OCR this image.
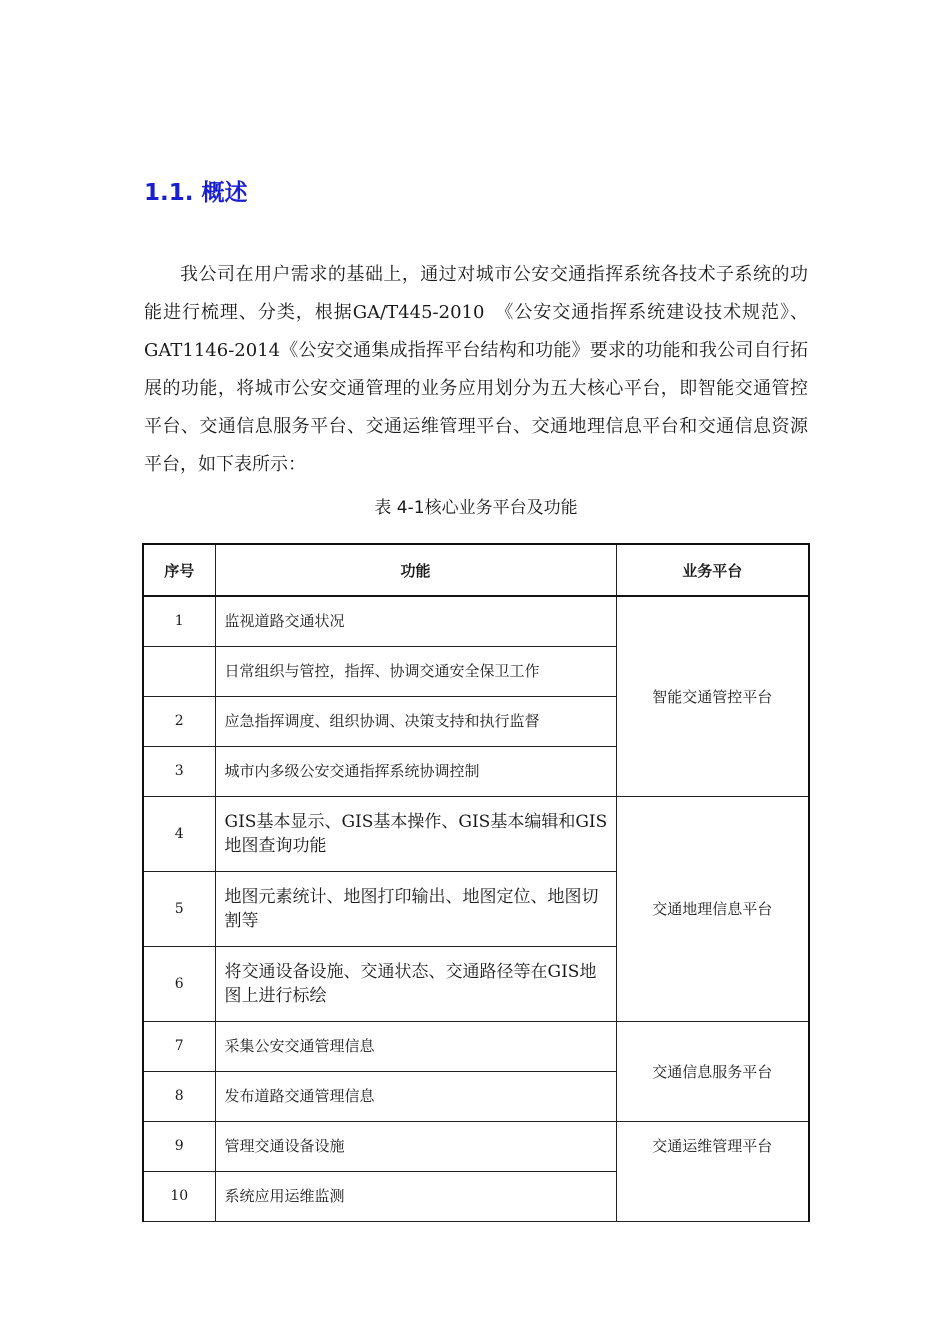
1.1. 概述

我公司在用户需求的基础上，通过对城市公安交通指挥系统各技术子系统的功能进行梳理、分类，根据GA/T445-2010　《公安交通指挥系统建设技术规范》、GAT1146-2014《公安交通集成指挥平台结构和功能》要求的功能和我公司自行拓展的功能，将城市公安交通管理的业务应用划分为五大核心平台，即智能交通管控平台、交通信息服务平台、交通运维管理平台、交通地理信息平台和交通信息资源平台，如下表所示：

表 4-1核心业务平台及功能
序号	功能	业务平台
1	监视道路交通状况	智能交通管控平台
	日常组织与管控，指挥、协调交通安全保卫工作	
2	应急指挥调度、组织协调、决策支持和执行监督	
3	城市内多级公安交通指挥系统协调控制	
4	GIS基本显示、GIS基本操作、GIS基本编辑和GIS地图查询功能	交通地理信息平台
5	地图元素统计、地图打印输出、地图定位、地图切割等	
6	将交通设备设施、交通状态、交通路径等在GIS地图上进行标绘	
7	采集公安交通管理信息	交通信息服务平台
8	发布道路交通管理信息	
9	管理交通设备设施	交通运维管理平台
10	系统应用运维监测	
